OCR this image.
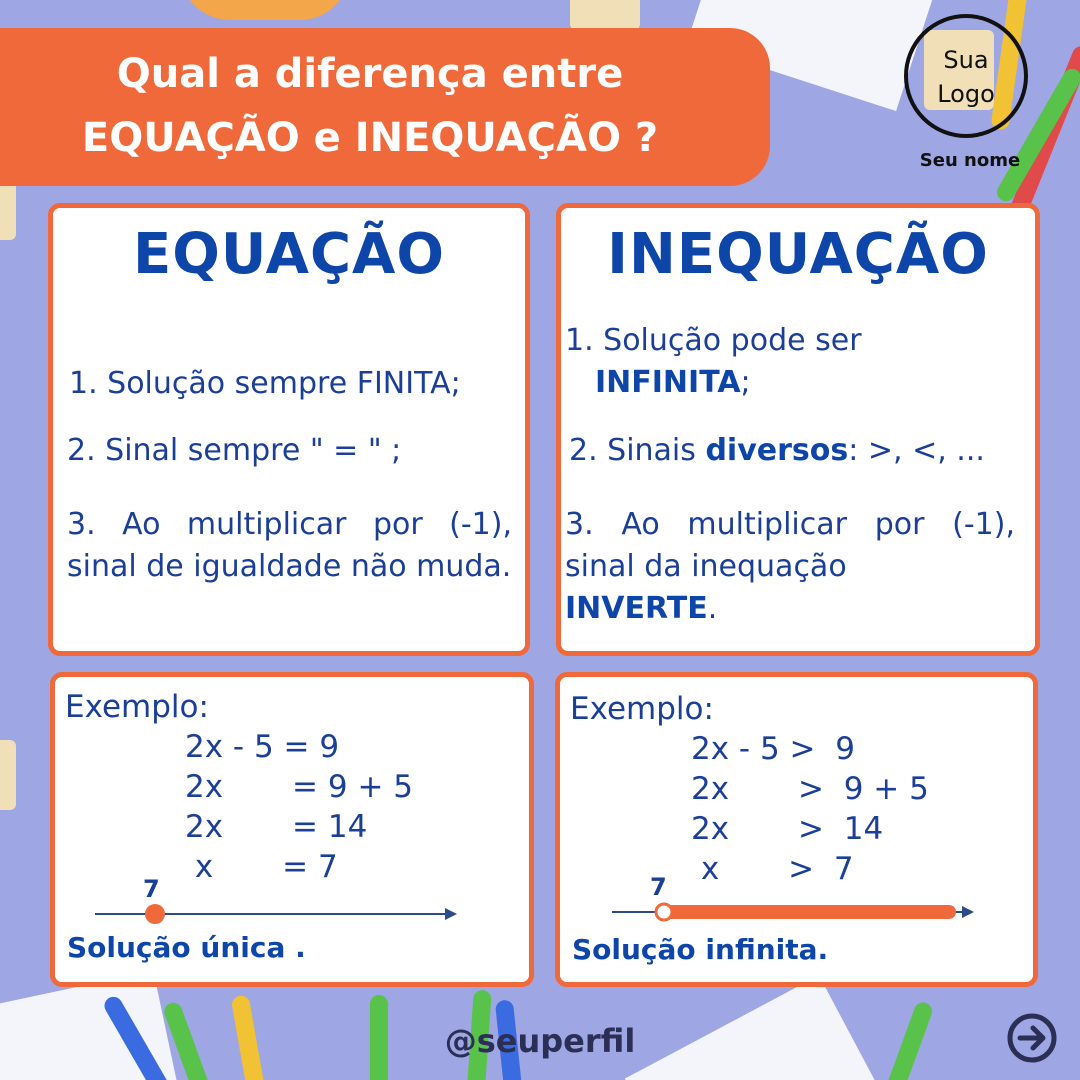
Qual a diferença entre
EQUAÇÃO e INEQUAÇÃO ?
Sua
Logo
Seu nome
EQUAÇÃO
1. Solução sempre FINITA;
2. Sinal sempre " = " ;
3. Ao multiplicar por (-1), sinal de igualdade não muda.
INEQUAÇÃO
1. Solução pode ser
INFINITA;
2. Sinais diversos: >, <, ...
3. Ao multiplicar por (-1), sinal da inequação
INVERTE.
Exemplo:
2x - 5 = 9
2x       = 9 + 5
2x       = 14
x       = 7
7
Solução única .
Exemplo:
2x - 5 >  9
2x       >  9 + 5
2x       >  14
x       >  7
7
Solução infinita.
@seuperfil
